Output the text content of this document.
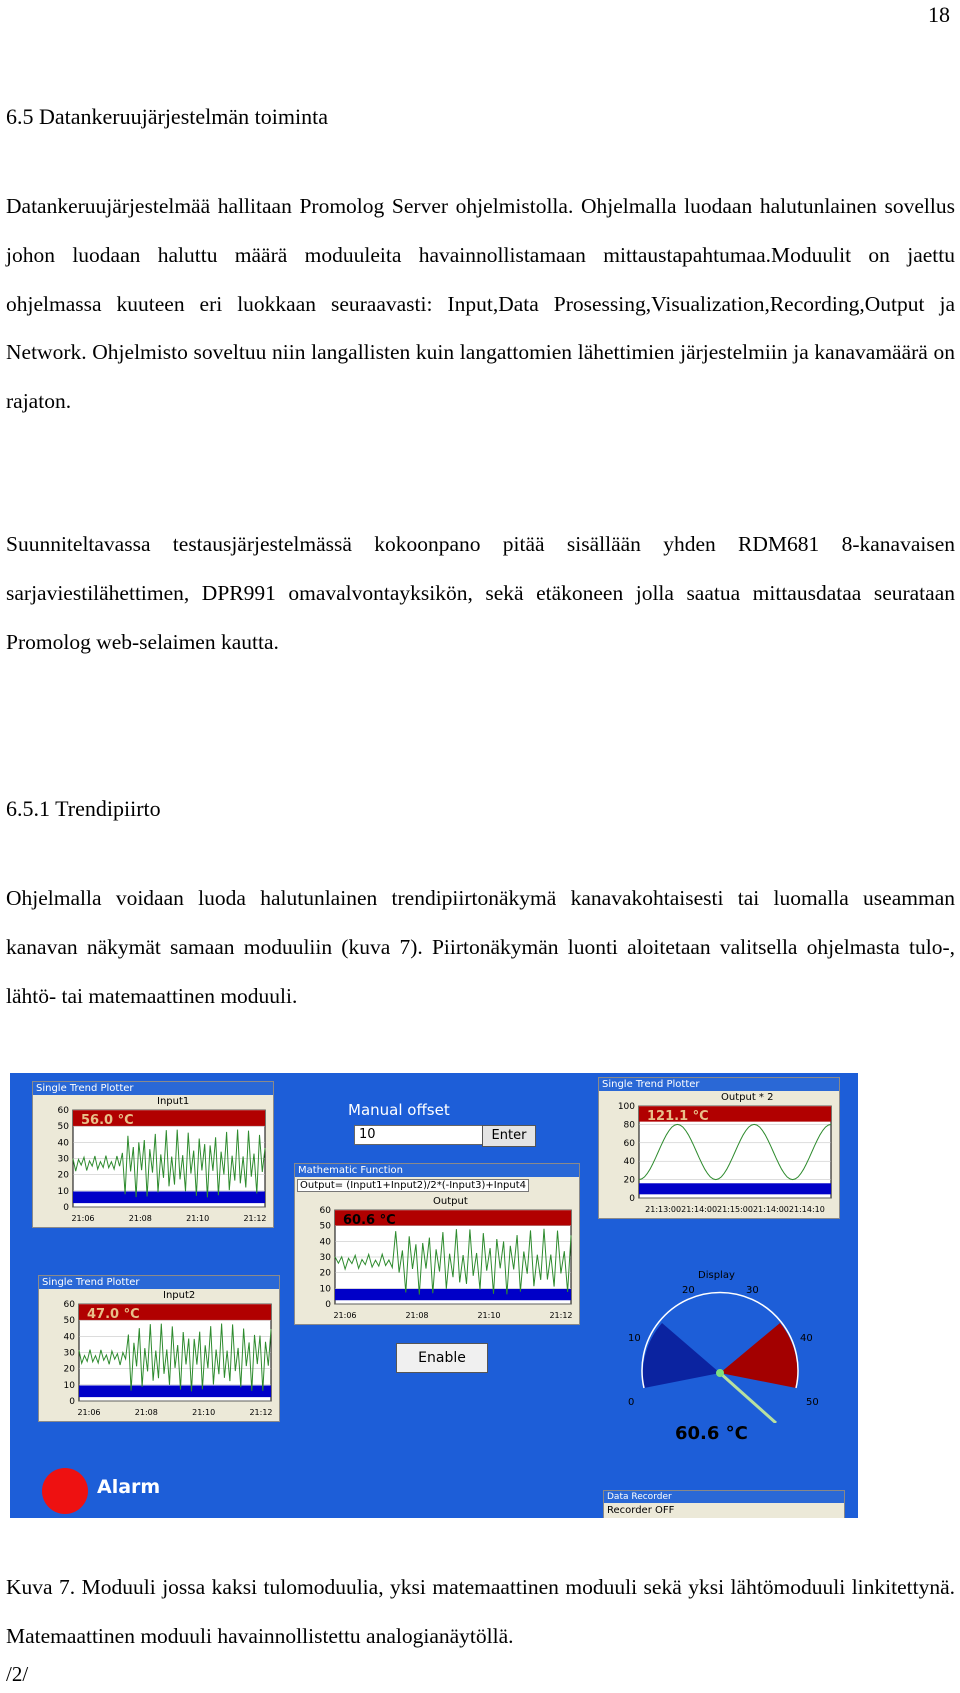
18
6.5 Datankeruujärjestelmän toiminta

Datankeruujärjestelmää hallitaan Promolog Server ohjelmistolla. Ohjelmalla luodaan halutunlainen sovellus johon luodaan haluttu määrä moduuleita havainnollistamaan mittaustapahtumaa.Moduulit on jaettu ohjelmassa kuuteen eri luokkaan seuraavasti: Input,Data Prosessing,Visualization,Recording,Output ja Network. Ohjelmisto soveltuu niin langallisten kuin langattomien lähettimien järjestelmiin ja kanavamäärä on rajaton.

Suunniteltavassa testausjärjestelmässä kokoonpano pitää sisällään yhden RDM681 8-kanavaisen sarjaviestilähettimen, DPR991 omavalvontayksikön, sekä etäkoneen jolla saatua mittausdataa seurataan Promolog web-selaimen kautta.

6.5.1 Trendipiirto

Ohjelmalla voidaan luoda halutunlainen trendipiirtonäkymä kanavakohtaisesti tai luomalla useamman kanavan näkymät samaan moduuliin (kuva 7). Piirtonäkymän luonti aloitetaan valitsella ohjelmasta tulo-, lähtö- tai matemaattinen moduuli.

Single Trend Plotter
Input1
60
50
40
30
20
10
0
21:06	21:08	21:10	21:12
56.0 °C
Single Trend Plotter
Input2
60
50
40
30
20
10
0
21:06	21:08	21:10	21:12
47.0 °C
Single Trend Plotter
Output * 2
100
80
60
40
20
0
21:13:0021:14:0021:15:0021:14:0021:14:10
121.1 °C
Manual offset
10	Enter
Mathematic Function
Output= (Input1+Input2)/2*(-Input3)+Input4
Output
60
50
40
30
20
10
0
21:06	21:08	21:10	21:12
60.6 °C
Enable
Alarm
Display
10
20	30
40
50
0
60.6 °C
Data Recorder
Recorder OFF

Kuva 7. Moduuli jossa kaksi tulomoduulia, yksi matemaattinen moduuli sekä yksi lähtömoduuli linkitettynä. Matemaattinen moduuli havainnollistettu analogianäytöllä.

/2/
